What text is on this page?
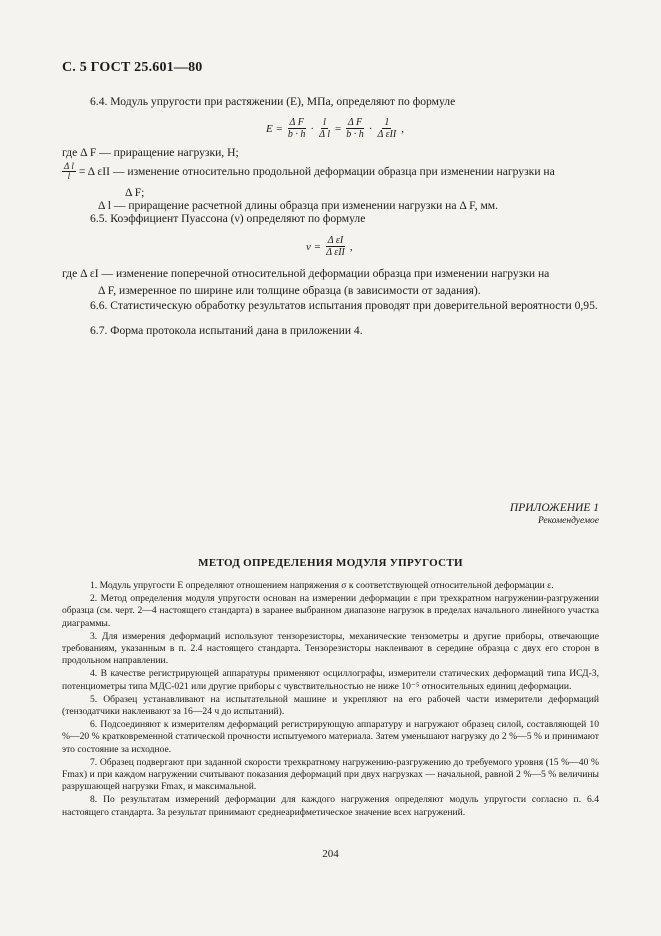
С. 5 ГОСТ 25.601—80
6.4. Модуль упругости при растяжении (E), МПа, определяют по формуле
$E = \frac{\text{Δ F}}{b \cdot h} \cdot \frac{l}{\text{Δ l}} = \frac{\text{Δ F}}{b \cdot h} \cdot \frac{1}{\text{Δ εII}}$ ,
где Δ F — приращение нагрузки, Н;
$\frac{\text{Δ l}}{l} = \Delta$ εII — изменение относительно продольной деформации образца при изменении нагрузки на
Δ F;
Δ l — приращение расчетной длины образца при изменении нагрузки на Δ F, мм.
6.5. Коэффициент Пуассона (ν) определяют по формуле
$\nu = \frac{\text{Δ εI}}{\text{Δ εII}}$ ,
где Δ εI — изменение поперечной относительной деформации образца при изменении нагрузки на
Δ F, измеренное по ширине или толщине образца (в зависимости от задания).
6.6. Статистическую обработку результатов испытания проводят при доверительной вероятности 0,95.
6.7. Форма протокола испытаний дана в приложении 4.
ПРИЛОЖЕНИЕ 1
Рекомендуемое
МЕТОД ОПРЕДЕЛЕНИЯ МОДУЛЯ УПРУГОСТИ
1. Модуль упругости E определяют отношением напряжения σ к соответствующей относительной деформации ε.
2. Метод определения модуля упругости основан на измерении деформации ε при трехкратном нагружении-разгружении образца (см. черт. 2—4 настоящего стандарта) в заранее выбранном диапазоне нагрузок в пределах начального линейного участка диаграммы.
3. Для измерения деформаций используют тензорезисторы, механические тензометры и другие приборы, отвечающие требованиям, указанным в п. 2.4 настоящего стандарта. Тензорезисторы наклеивают в середине образца с двух его сторон в продольном направлении.
4. В качестве регистрирующей аппаратуры применяют осциллографы, измерители статических деформаций типа ИСД-3, потенциометры типа МДС-021 или другие приборы с чувствительностью не ниже 10⁻⁵ относительных единиц деформации.
5. Образец устанавливают на испытательной машине и укрепляют на его рабочей части измерители деформаций (тензодатчики наклеивают за 16—24 ч до испытаний).
6. Подсоединяют к измерителям деформаций регистрирующую аппаратуру и нагружают образец силой, составляющей 10 %—20 % кратковременной статической прочности испытуемого материала. Затем уменьшают нагрузку до 2 %—5 % и принимают это состояние за исходное.
7. Образец подвергают при заданной скорости трехкратному нагружению-разгружению до требуемого уровня (15 %—40 % Fmax) и при каждом нагружении считывают показания деформаций при двух нагрузках — начальной, равной 2 %—5 % величины разрушающей нагрузки Fmax, и максимальной.
8. По результатам измерений деформации для каждого нагружения определяют модуль упругости согласно п. 6.4 настоящего стандарта. За результат принимают среднеарифметическое значение всех нагружений.
204
